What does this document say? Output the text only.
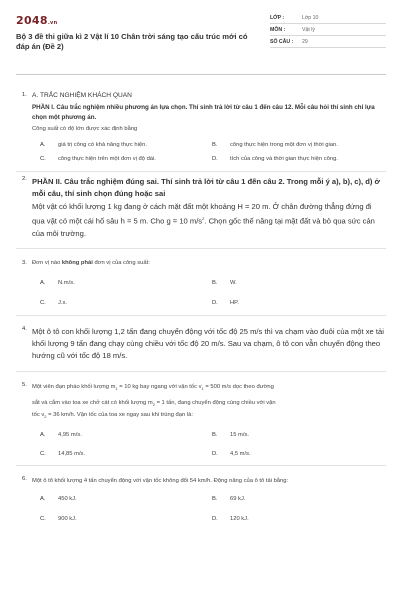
2048.vn
Bộ 3 đề thi giữa kì 2 Vật lí 10 Chân trời sáng tạo cấu trúc mới có đáp án (Đề 2)
LỚP :	Lớp 10
MÔN :	Vật lý
SỐ CÂU :	29
1. A. TRẮC NGHIỆM KHÁCH QUAN
PHẦN I. Câu trắc nghiệm nhiều phương án lựa chọn. Thí sinh trả lời từ câu 1 đến câu 12. Mỗi câu hỏi thí sinh chỉ lựa chọn một phương án.
Công suất có độ lớn được xác định bằng
A.	giá trị công có khả năng thực hiện.	B.	công thực hiện trong một đơn vị thời gian.
C.	công thực hiện trên một đơn vị độ dài.	D.	tích của công và thời gian thực hiện công.
2. PHẦN II. Câu trắc nghiệm đúng sai. Thí sinh trả lời từ câu 1 đến câu 2. Trong mỗi ý a), b), c), d) ở mỗi câu, thí sinh chọn đúng hoặc sai
Một vật có khối lượng 1 kg đang ở cách mặt đất một khoảng H = 20 m. Ở chân đường thẳng đứng đi qua vật có một cái hố sâu h = 5 m. Cho g = 10 $m/s^2$. Chọn gốc thế năng tại mặt đất và bỏ qua sức cản của môi trường.
3. Đơn vị nào không phải đơn vị của công suất:
A.	N.m/s.	B.	W.
C.	J.s.	D.	HP.
4. Một ô tô con khối lượng 1,2 tấn đang chuyển động với tốc độ 25 m/s thì va chạm vào đuôi của một xe tải khối lượng 9 tấn đang chạy cùng chiều với tốc độ 20 m/s. Sau va chạm, ô tô con vẫn chuyển động theo hướng cũ với tốc độ 18 m/s.
5. Một viên đạn pháo khối lượng $m_1 = 10$ kg bay ngang với vận tốc $v_1 = 500$ m/s dọc theo đường
sắt và cắm vào toa xe chở cát có khối lượng $m_2 = 1$ tấn, đang chuyển động cùng chiều với vận
tốc $v_2 = 36$ km/h. Vận tốc của toa xe ngay sau khi trúng đạn là:
A.	4,95 m/s.	B.	15 m/s.
C.	14,85 m/s.	D.	4,5 m/s.
6. Một ô tô khối lượng 4 tấn chuyển động với vận tốc không đổi 54 km/h. Động năng của ô tô tải bằng:
A.	450 kJ.	B.	69 kJ.
C.	900 kJ.	D.	120 kJ.
